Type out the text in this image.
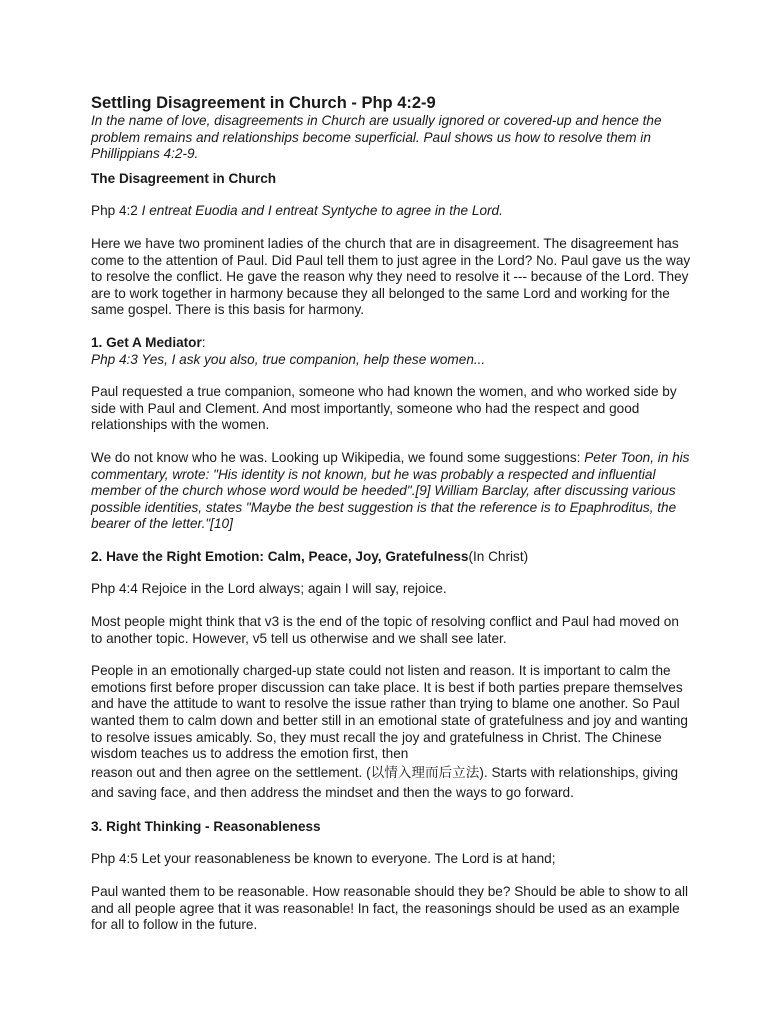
Settling Disagreement in Church - Php 4:2-9

In the name of love, disagreements in Church are usually ignored or covered-up and hence the problem remains and relationships become superficial. Paul shows us how to resolve them in Phillippians 4:2-9.

The Disagreement in Church

Php 4:2 I entreat Euodia and I entreat Syntyche to agree in the Lord.

Here we have two prominent ladies of the church that are in disagreement. The disagreement has come to the attention of Paul. Did Paul tell them to just agree in the Lord? No. Paul gave us the way to resolve the conflict. He gave the reason why they need to resolve it --- because of the Lord. They are to work together in harmony because they all belonged to the same Lord and working for the same gospel. There is this basis for harmony.

1. Get A Mediator:

Php 4:3 Yes, I ask you also, true companion, help these women...

Paul requested a true companion, someone who had known the women, and who worked side by side with Paul and Clement. And most importantly, someone who had the respect and good relationships with the women.

We do not know who he was. Looking up Wikipedia, we found some suggestions: Peter Toon, in his commentary, wrote: "His identity is not known, but he was probably a respected and influential member of the church whose word would be heeded".[9] William Barclay, after discussing various possible identities, states "Maybe the best suggestion is that the reference is to Epaphroditus, the bearer of the letter."[10]

2. Have the Right Emotion: Calm, Peace, Joy, Gratefulness(In Christ)

Php 4:4 Rejoice in the Lord always; again I will say, rejoice.

Most people might think that v3 is the end of the topic of resolving conflict and Paul had moved on to another topic. However, v5 tell us otherwise and we shall see later.

People in an emotionally charged-up state could not listen and reason. It is important to calm the emotions first before proper discussion can take place. It is best if both parties prepare themselves and have the attitude to want to resolve the issue rather than trying to blame one another. So Paul wanted them to calm down and better still in an emotional state of gratefulness and joy and wanting to resolve issues amicably. So, they must recall the joy and gratefulness in Christ. The Chinese wisdom teaches us to address the emotion first, then

reason out and then agree on the settlement. (以情入理而后立法). Starts with relationships, giving and saving face, and then address the mindset and then the ways to go forward.

3. Right Thinking - Reasonableness

Php 4:5 Let your reasonableness be known to everyone. The Lord is at hand;

Paul wanted them to be reasonable. How reasonable should they be? Should be able to show to all and all people agree that it was reasonable! In fact, the reasonings should be used as an example for all to follow in the future.
